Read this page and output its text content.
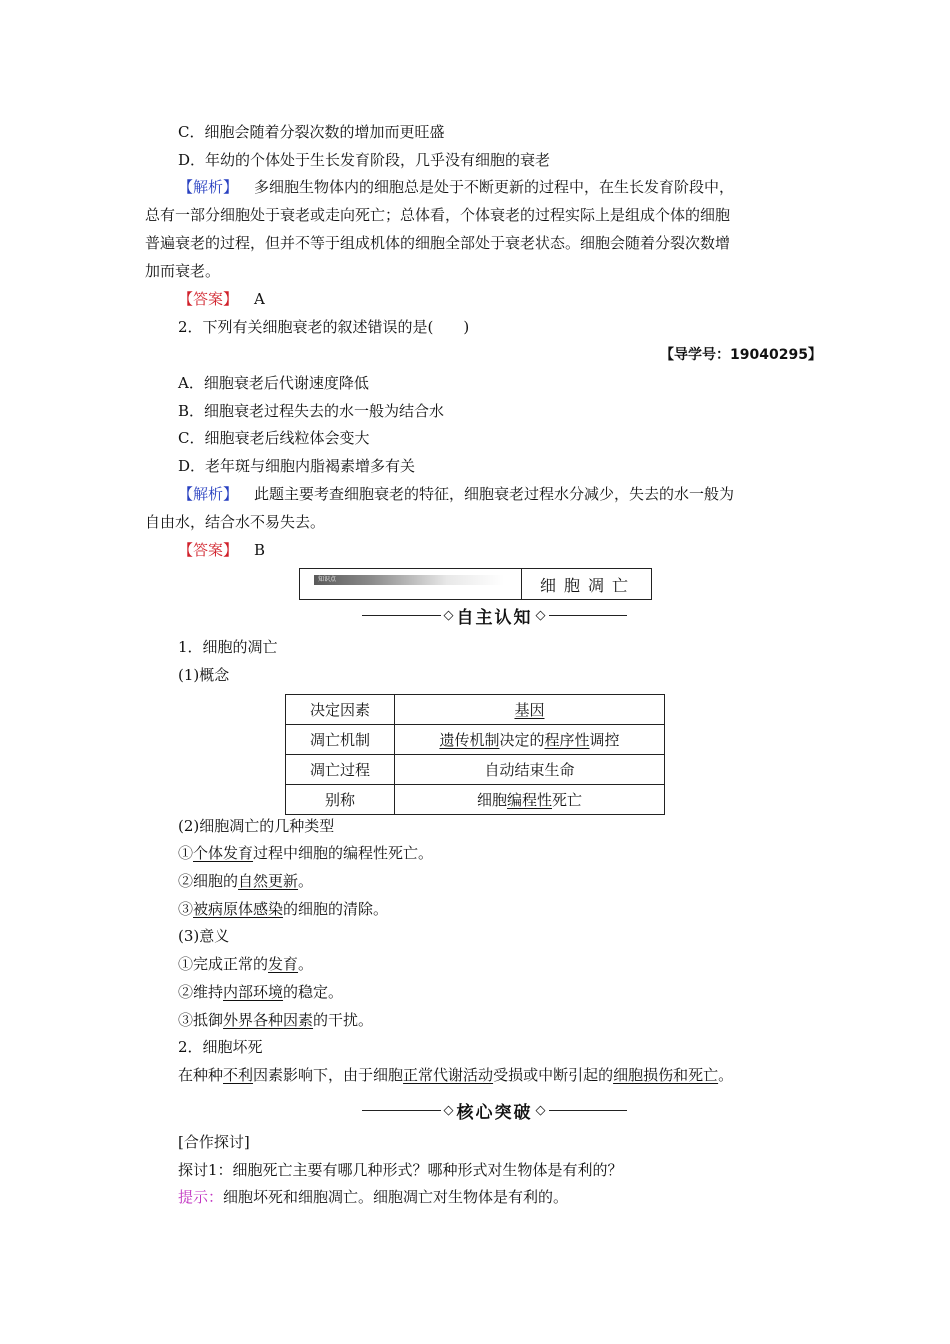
C．细胞会随着分裂次数的增加而更旺盛
D．年幼的个体处于生长发育阶段，几乎没有细胞的衰老
【解析】 多细胞生物体内的细胞总是处于不断更新的过程中，在生长发育阶段中，
总有一部分细胞处于衰老或走向死亡；总体看，个体衰老的过程实际上是组成个体的细胞
普遍衰老的过程，但并不等于组成机体的细胞全部处于衰老状态。细胞会随着分裂次数增
加而衰老。
【答案】 A
2．下列有关细胞衰老的叙述错误的是(　　)
【导学号：19040295】
A．细胞衰老后代谢速度降低
B．细胞衰老过程失去的水一般为结合水
C．细胞衰老后线粒体会变大
D．老年斑与细胞内脂褐素增多有关
【解析】 此题主要考查细胞衰老的特征，细胞衰老过程水分减少，失去的水一般为
自由水，结合水不易失去。
【答案】 B
知识点	细胞凋亡
◇ 自主认知 ◇
1．细胞的凋亡
(1)概念
决定因素	基因
凋亡机制	遗传机制决定的程序性调控
凋亡过程	自动结束生命
别称	细胞编程性死亡
(2)细胞凋亡的几种类型
①个体发育过程中细胞的编程性死亡。
②细胞的自然更新。
③被病原体感染的细胞的清除。
(3)意义
①完成正常的发育。
②维持内部环境的稳定。
③抵御外界各种因素的干扰。
2．细胞坏死
在种种不利因素影响下，由于细胞正常代谢活动受损或中断引起的细胞损伤和死亡。
◇ 核心突破 ◇
[合作探讨]
探讨1：细胞死亡主要有哪几种形式？哪种形式对生物体是有利的？
提示：细胞坏死和细胞凋亡。细胞凋亡对生物体是有利的。
